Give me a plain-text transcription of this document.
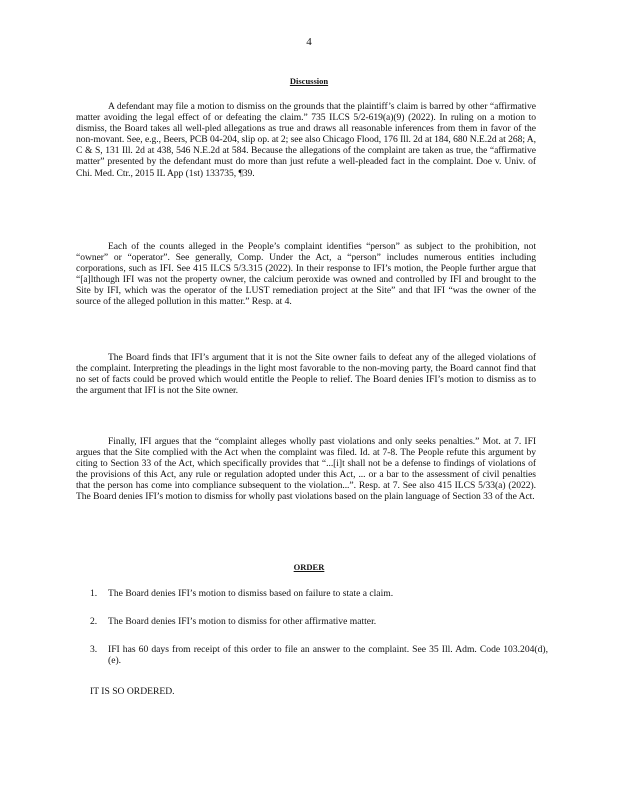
4
Discussion
A defendant may file a motion to dismiss on the grounds that the plaintiff’s claim is barred by other “affirmative matter avoiding the legal effect of or defeating the claim.” 735 ILCS 5/2-619(a)(9) (2022). In ruling on a motion to dismiss, the Board takes all well-pled allegations as true and draws all reasonable inferences from them in favor of the non-movant. See, e.g., Beers, PCB 04-204, slip op. at 2; see also Chicago Flood, 176 Ill. 2d at 184, 680 N.E.2d at 268; A, C & S, 131 Ill. 2d at 438, 546 N.E.2d at 584. Because the allegations of the complaint are taken as true, the “affirmative matter” presented by the defendant must do more than just refute a well-pleaded fact in the complaint. Doe v. Univ. of Chi. Med. Ctr., 2015 IL App (1st) 133735, ¶39.
Each of the counts alleged in the People’s complaint identifies “person” as subject to the prohibition, not “owner” or “operator”. See generally, Comp. Under the Act, a “person” includes numerous entities including corporations, such as IFI. See 415 ILCS 5/3.315 (2022). In their response to IFI’s motion, the People further argue that “[a]lthough IFI was not the property owner, the calcium peroxide was owned and controlled by IFI and brought to the Site by IFI, which was the operator of the LUST remediation project at the Site” and that IFI “was the owner of the source of the alleged pollution in this matter.” Resp. at 4.
The Board finds that IFI’s argument that it is not the Site owner fails to defeat any of the alleged violations of the complaint. Interpreting the pleadings in the light most favorable to the non-moving party, the Board cannot find that no set of facts could be proved which would entitle the People to relief. The Board denies IFI’s motion to dismiss as to the argument that IFI is not the Site owner.
Finally, IFI argues that the “complaint alleges wholly past violations and only seeks penalties.” Mot. at 7. IFI argues that the Site complied with the Act when the complaint was filed. Id. at 7-8. The People refute this argument by citing to Section 33 of the Act, which specifically provides that “...[i]t shall not be a defense to findings of violations of the provisions of this Act, any rule or regulation adopted under this Act, ... or a bar to the assessment of civil penalties that the person has come into compliance subsequent to the violation...”. Resp. at 7. See also 415 ILCS 5/33(a) (2022). The Board denies IFI’s motion to dismiss for wholly past violations based on the plain language of Section 33 of the Act.
ORDER
1. The Board denies IFI’s motion to dismiss based on failure to state a claim.
2. The Board denies IFI’s motion to dismiss for other affirmative matter.
3. IFI has 60 days from receipt of this order to file an answer to the complaint. See 35 Ill. Adm. Code 103.204(d), (e).
IT IS SO ORDERED.
